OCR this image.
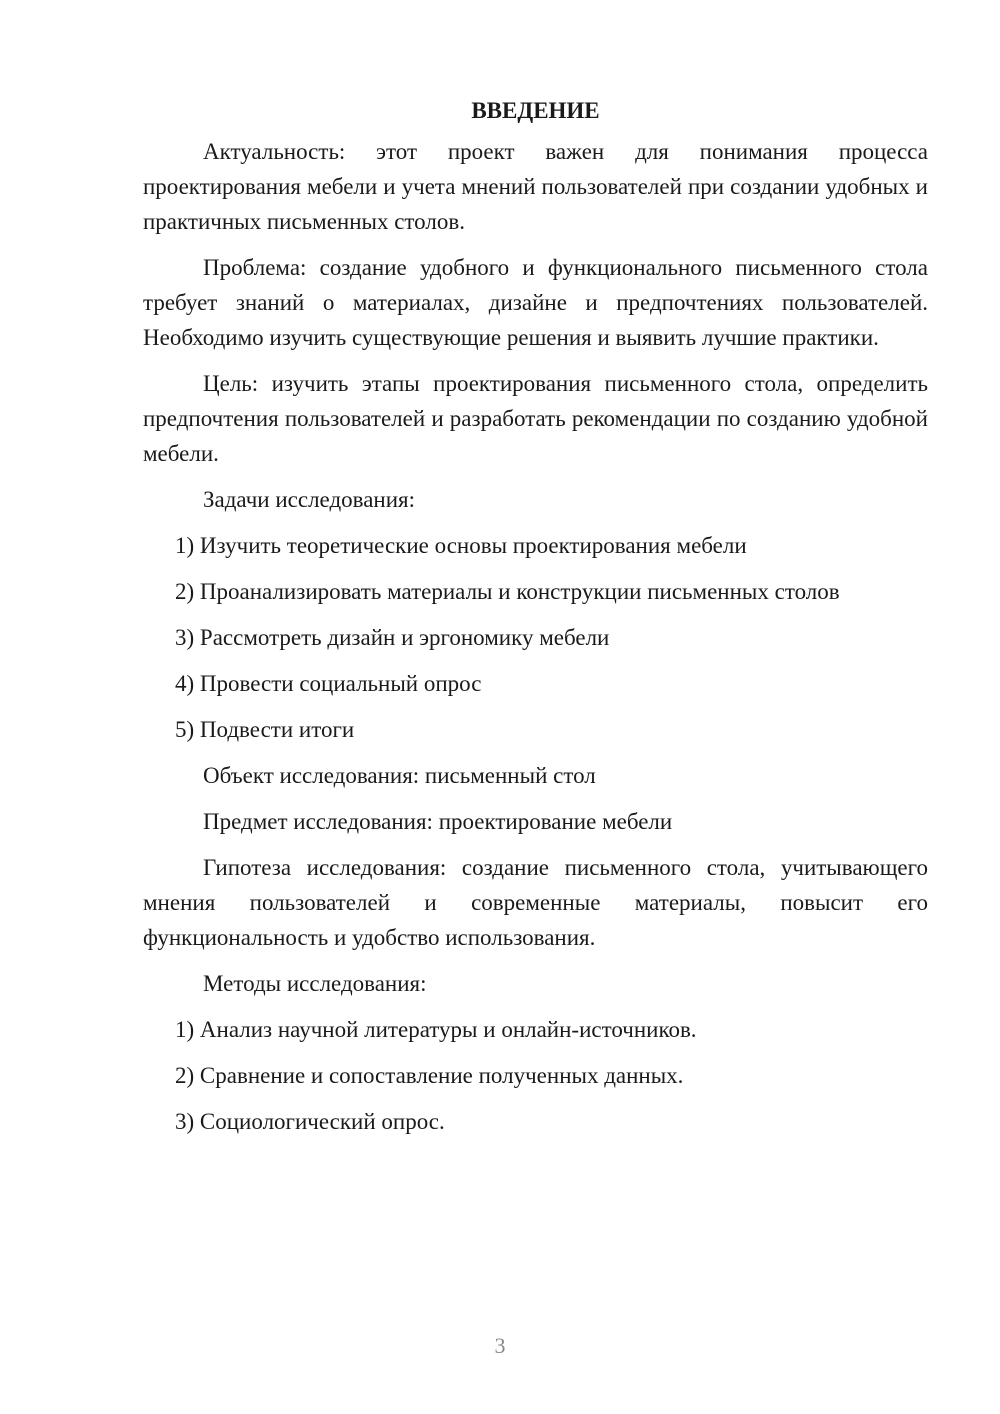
ВВЕДЕНИЕ

Актуальность: этот проект важен для понимания процесса проектирования мебели и учета мнений пользователей при создании удобных и практичных письменных столов.

Проблема: создание удобного и функционального письменного стола требует знаний о материалах, дизайне и предпочтениях пользователей. Необходимо изучить существующие решения и выявить лучшие практики.

Цель: изучить этапы проектирования письменного стола, определить предпочтения пользователей и разработать рекомендации по созданию удобной мебели.

Задачи исследования:

1) Изучить теоретические основы проектирования мебели

2) Проанализировать материалы и конструкции письменных столов

3) Рассмотреть дизайн и эргономику мебели

4) Провести социальный опрос

5) Подвести итоги

Объект исследования: письменный стол

Предмет исследования: проектирование мебели

Гипотеза исследования: создание письменного стола, учитывающего мнения пользователей и современные материалы, повысит его функциональность и удобство использования.

Методы исследования:

1) Анализ научной литературы и онлайн-источников.

2) Сравнение и сопоставление полученных данных.

3) Социологический опрос.

3
